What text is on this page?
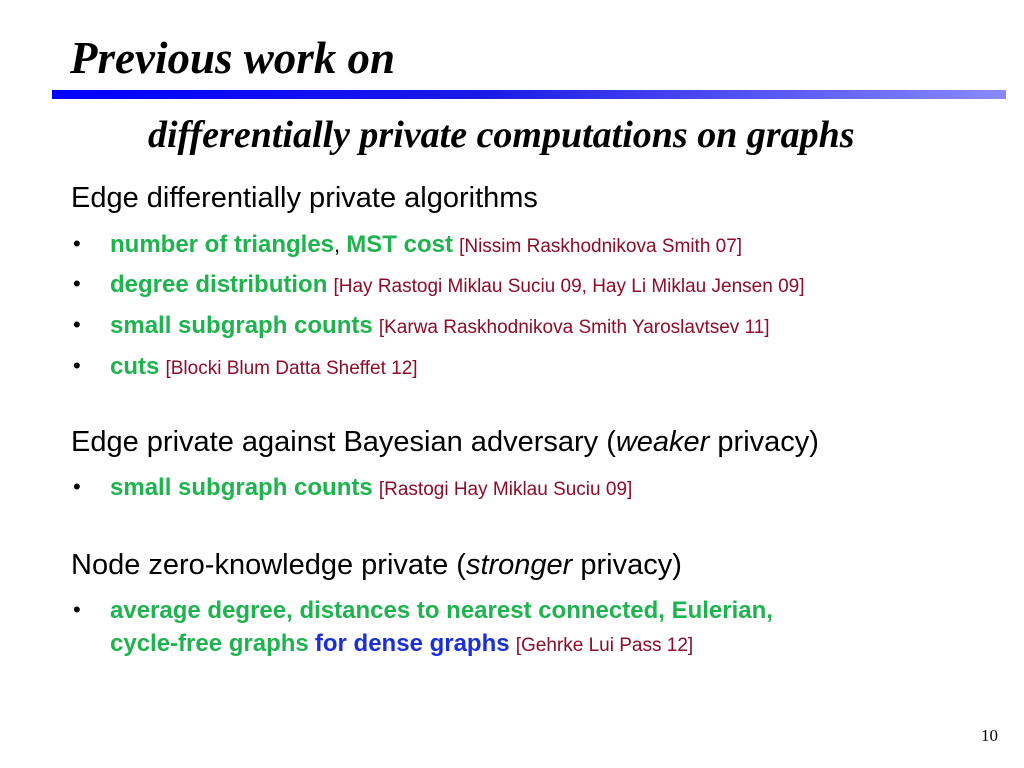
Previous work on
differentially private computations on graphs
Edge differentially private algorithms
• number of triangles, MST cost [Nissim Raskhodnikova Smith 07]
• degree distribution [Hay Rastogi Miklau Suciu 09, Hay Li Miklau Jensen 09]
• small subgraph counts [Karwa Raskhodnikova Smith Yaroslavtsev 11]
• cuts [Blocki Blum Datta Sheffet 12]
Edge private against Bayesian adversary (weaker privacy)
• small subgraph counts [Rastogi Hay Miklau Suciu 09]
Node zero-knowledge private (stronger privacy)
• average degree, distances to nearest connected, Eulerian,
cycle-free graphs for dense graphs [Gehrke Lui Pass 12]
10
